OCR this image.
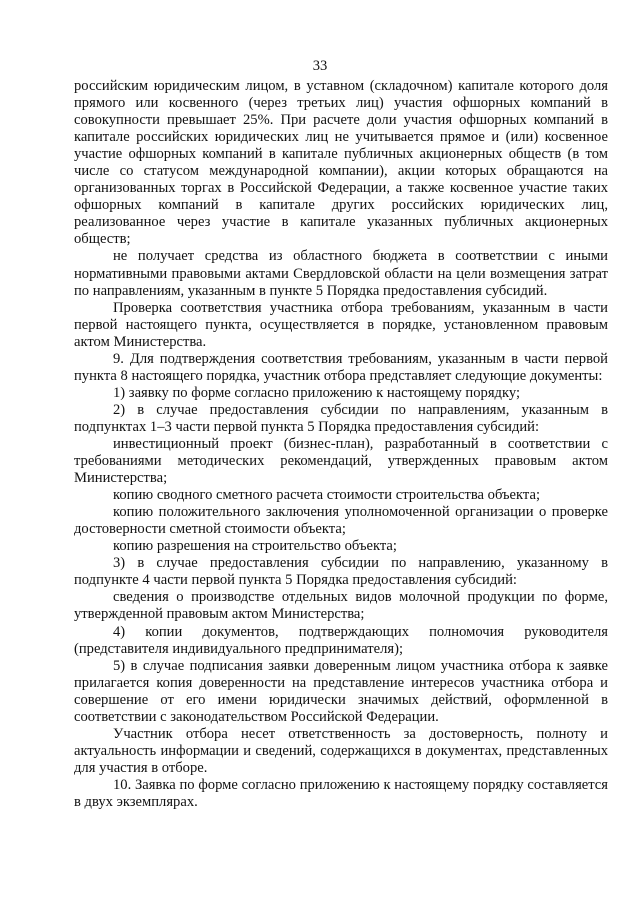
33

российским юридическим лицом, в уставном (складочном) капитале которого доля прямого или косвенного (через третьих лиц) участия офшорных компаний в совокупности превышает 25%. При расчете доли участия офшорных компаний в капитале российских юридических лиц не учитывается прямое и (или) косвенное участие офшорных компаний в капитале публичных акционерных обществ (в том числе со статусом международной компании), акции которых обращаются на организованных торгах в Российской Федерации, а также косвенное участие таких офшорных компаний в капитале других российских юридических лиц, реализованное через участие в капитале указанных публичных акционерных обществ;

не получает средства из областного бюджета в соответствии с иными нормативными правовыми актами Свердловской области на цели возмещения затрат по направлениям, указанным в пункте 5 Порядка предоставления субсидий.

Проверка соответствия участника отбора требованиям, указанным в части первой настоящего пункта, осуществляется в порядке, установленном правовым актом Министерства.

9. Для подтверждения соответствия требованиям, указанным в части первой пункта 8 настоящего порядка, участник отбора представляет следующие документы:

1) заявку по форме согласно приложению к настоящему порядку;

2) в случае предоставления субсидии по направлениям, указанным в подпунктах 1–3 части первой пункта 5 Порядка предоставления субсидий:

инвестиционный проект (бизнес-план), разработанный в соответствии с требованиями методических рекомендаций, утвержденных правовым актом Министерства;

копию сводного сметного расчета стоимости строительства объекта;

копию положительного заключения уполномоченной организации о проверке достоверности сметной стоимости объекта;

копию разрешения на строительство объекта;

3) в случае предоставления субсидии по направлению, указанному в подпункте 4 части первой пункта 5 Порядка предоставления субсидий:

сведения о производстве отдельных видов молочной продукции по форме, утвержденной правовым актом Министерства;

4) копии документов, подтверждающих полномочия руководителя (представителя индивидуального предпринимателя);

5) в случае подписания заявки доверенным лицом участника отбора к заявке прилагается копия доверенности на представление интересов участника отбора и совершение от его имени юридически значимых действий, оформленной в соответствии с законодательством Российской Федерации.

Участник отбора несет ответственность за достоверность, полноту и актуальность информации и сведений, содержащихся в документах, представленных для участия в отборе.

10. Заявка по форме согласно приложению к настоящему порядку составляется в двух экземплярах.
